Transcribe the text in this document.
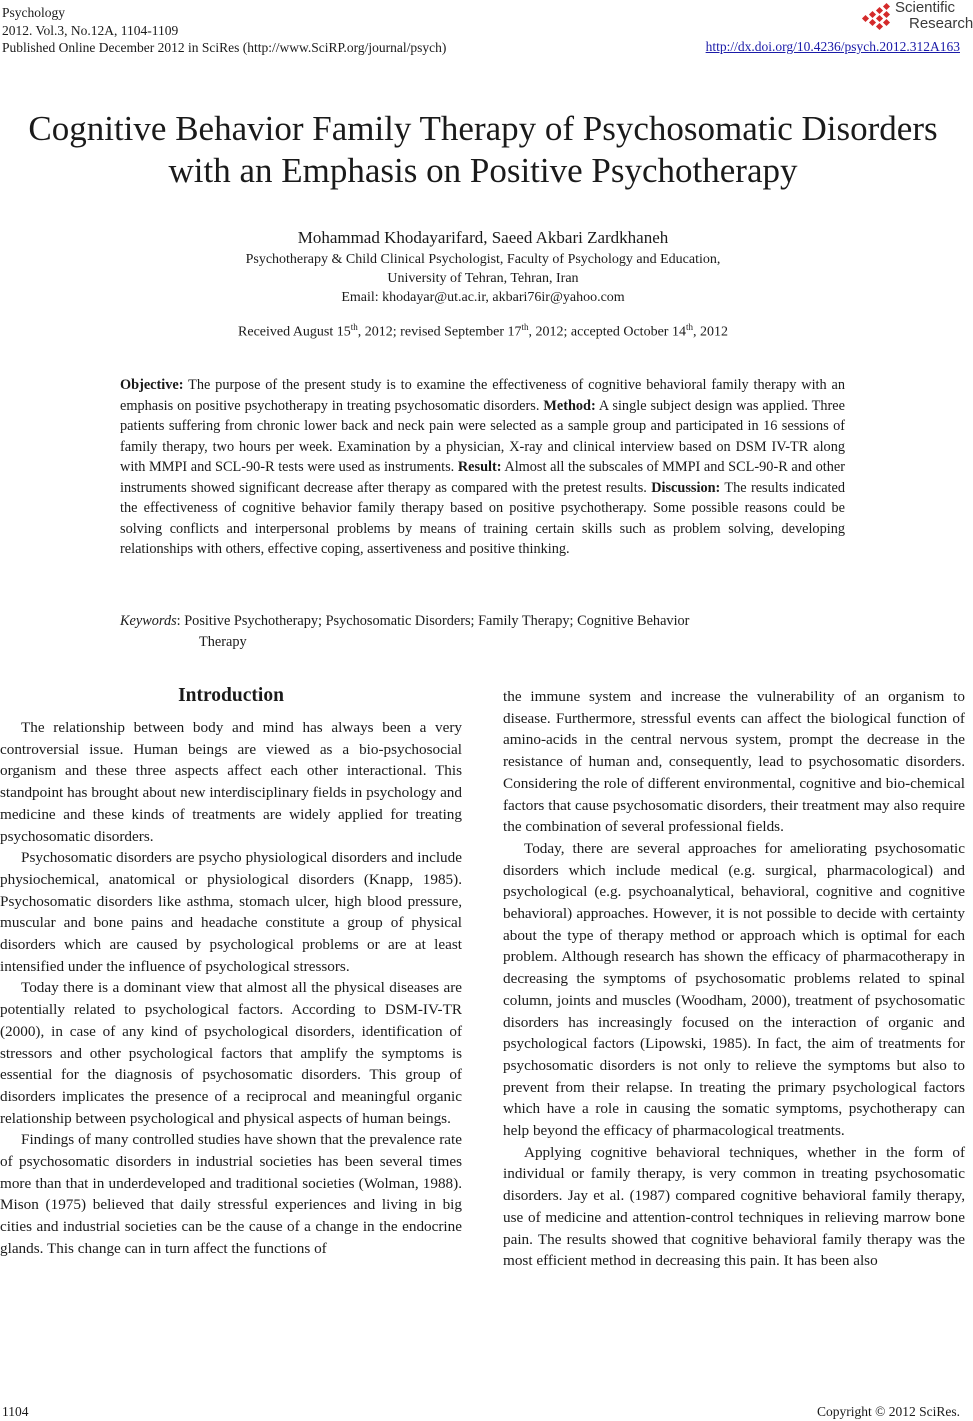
Psychology
2012. Vol.3, No.12A, 1104-1109
Published Online December 2012 in SciRes (http://www.SciRP.org/journal/psych)
Scientific
Research
http://dx.doi.org/10.4236/psych.2012.312A163
Cognitive Behavior Family Therapy of Psychosomatic Disorders
with an Emphasis on Positive Psychotherapy
Mohammad Khodayarifard, Saeed Akbari Zardkhaneh
Psychotherapy & Child Clinical Psychologist, Faculty of Psychology and Education,
University of Tehran, Tehran, Iran
Email: khodayar@ut.ac.ir, akbari76ir@yahoo.com
Received August 15th, 2012; revised September 17th, 2012; accepted October 14th, 2012
Objective: The purpose of the present study is to examine the effectiveness of cognitive behavioral family therapy with an emphasis on positive psychotherapy in treating psychosomatic disorders. Method: A single subject design was applied. Three patients suffering from chronic lower back and neck pain were selected as a sample group and participated in 16 sessions of family therapy, two hours per week. Examination by a physician, X-ray and clinical interview based on DSM IV-TR along with MMPI and SCL-90-R tests were used as instruments. Result: Almost all the subscales of MMPI and SCL-90-R and other instruments showed significant decrease after therapy as compared with the pretest results. Discussion: The results indicated the effectiveness of cognitive behavior family therapy based on positive psychotherapy. Some possible reasons could be solving conflicts and interpersonal problems by means of training certain skills such as problem solving, developing relationships with others, effective coping, assertiveness and positive thinking.
Keywords: Positive Psychotherapy; Psychosomatic Disorders; Family Therapy; Cognitive Behavior
Therapy
Introduction

The relationship between body and mind has always been a very controversial issue. Human beings are viewed as a bio-psychosocial organism and these three aspects affect each other interactional. This standpoint has brought about new interdisciplinary fields in psychology and medicine and these kinds of treatments are widely applied for treating psychosomatic disorders.

Psychosomatic disorders are psycho physiological disorders and include physiochemical, anatomical or physiological disorders (Knapp, 1985). Psychosomatic disorders like asthma, stomach ulcer, high blood pressure, muscular and bone pains and headache constitute a group of physical disorders which are caused by psychological problems or are at least intensified under the influence of psychological stressors.

Today there is a dominant view that almost all the physical diseases are potentially related to psychological factors. According to DSM-IV-TR (2000), in case of any kind of psychological disorders, identification of stressors and other psychological factors that amplify the symptoms is essential for the diagnosis of psychosomatic disorders. This group of disorders implicates the presence of a reciprocal and meaningful organic relationship between psychological and physical aspects of human beings.

Findings of many controlled studies have shown that the prevalence rate of psychosomatic disorders in industrial societies has been several times more than that in underdeveloped and traditional societies (Wolman, 1988). Mison (1975) believed that daily stressful experiences and living in big cities and industrial societies can be the cause of a change in the endocrine glands. This change can in turn affect the functions of

the immune system and increase the vulnerability of an organism to disease. Furthermore, stressful events can affect the biological function of amino-acids in the central nervous system, prompt the decrease in the resistance of human and, consequently, lead to psychosomatic disorders. Considering the role of different environmental, cognitive and bio-chemical factors that cause psychosomatic disorders, their treatment may also require the combination of several professional fields.

Today, there are several approaches for ameliorating psychosomatic disorders which include medical (e.g. surgical, pharmacological) and psychological (e.g. psychoanalytical, behavioral, cognitive and cognitive behavioral) approaches. However, it is not possible to decide with certainty about the type of therapy method or approach which is optimal for each problem. Although research has shown the efficacy of pharmacotherapy in decreasing the symptoms of psychosomatic problems related to spinal column, joints and muscles (Woodham, 2000), treatment of psychosomatic disorders has increasingly focused on the interaction of organic and psychological factors (Lipowski, 1985). In fact, the aim of treatments for psychosomatic disorders is not only to relieve the symptoms but also to prevent from their relapse. In treating the primary psychological factors which have a role in causing the somatic symptoms, psychotherapy can help beyond the efficacy of pharmacological treatments.

Applying cognitive behavioral techniques, whether in the form of individual or family therapy, is very common in treating psychosomatic disorders. Jay et al. (1987) compared cognitive behavioral family therapy, use of medicine and attention-control techniques in relieving marrow bone pain. The results showed that cognitive behavioral family therapy was the most efficient method in decreasing this pain. It has been also

1104	Copyright © 2012 SciRes.
